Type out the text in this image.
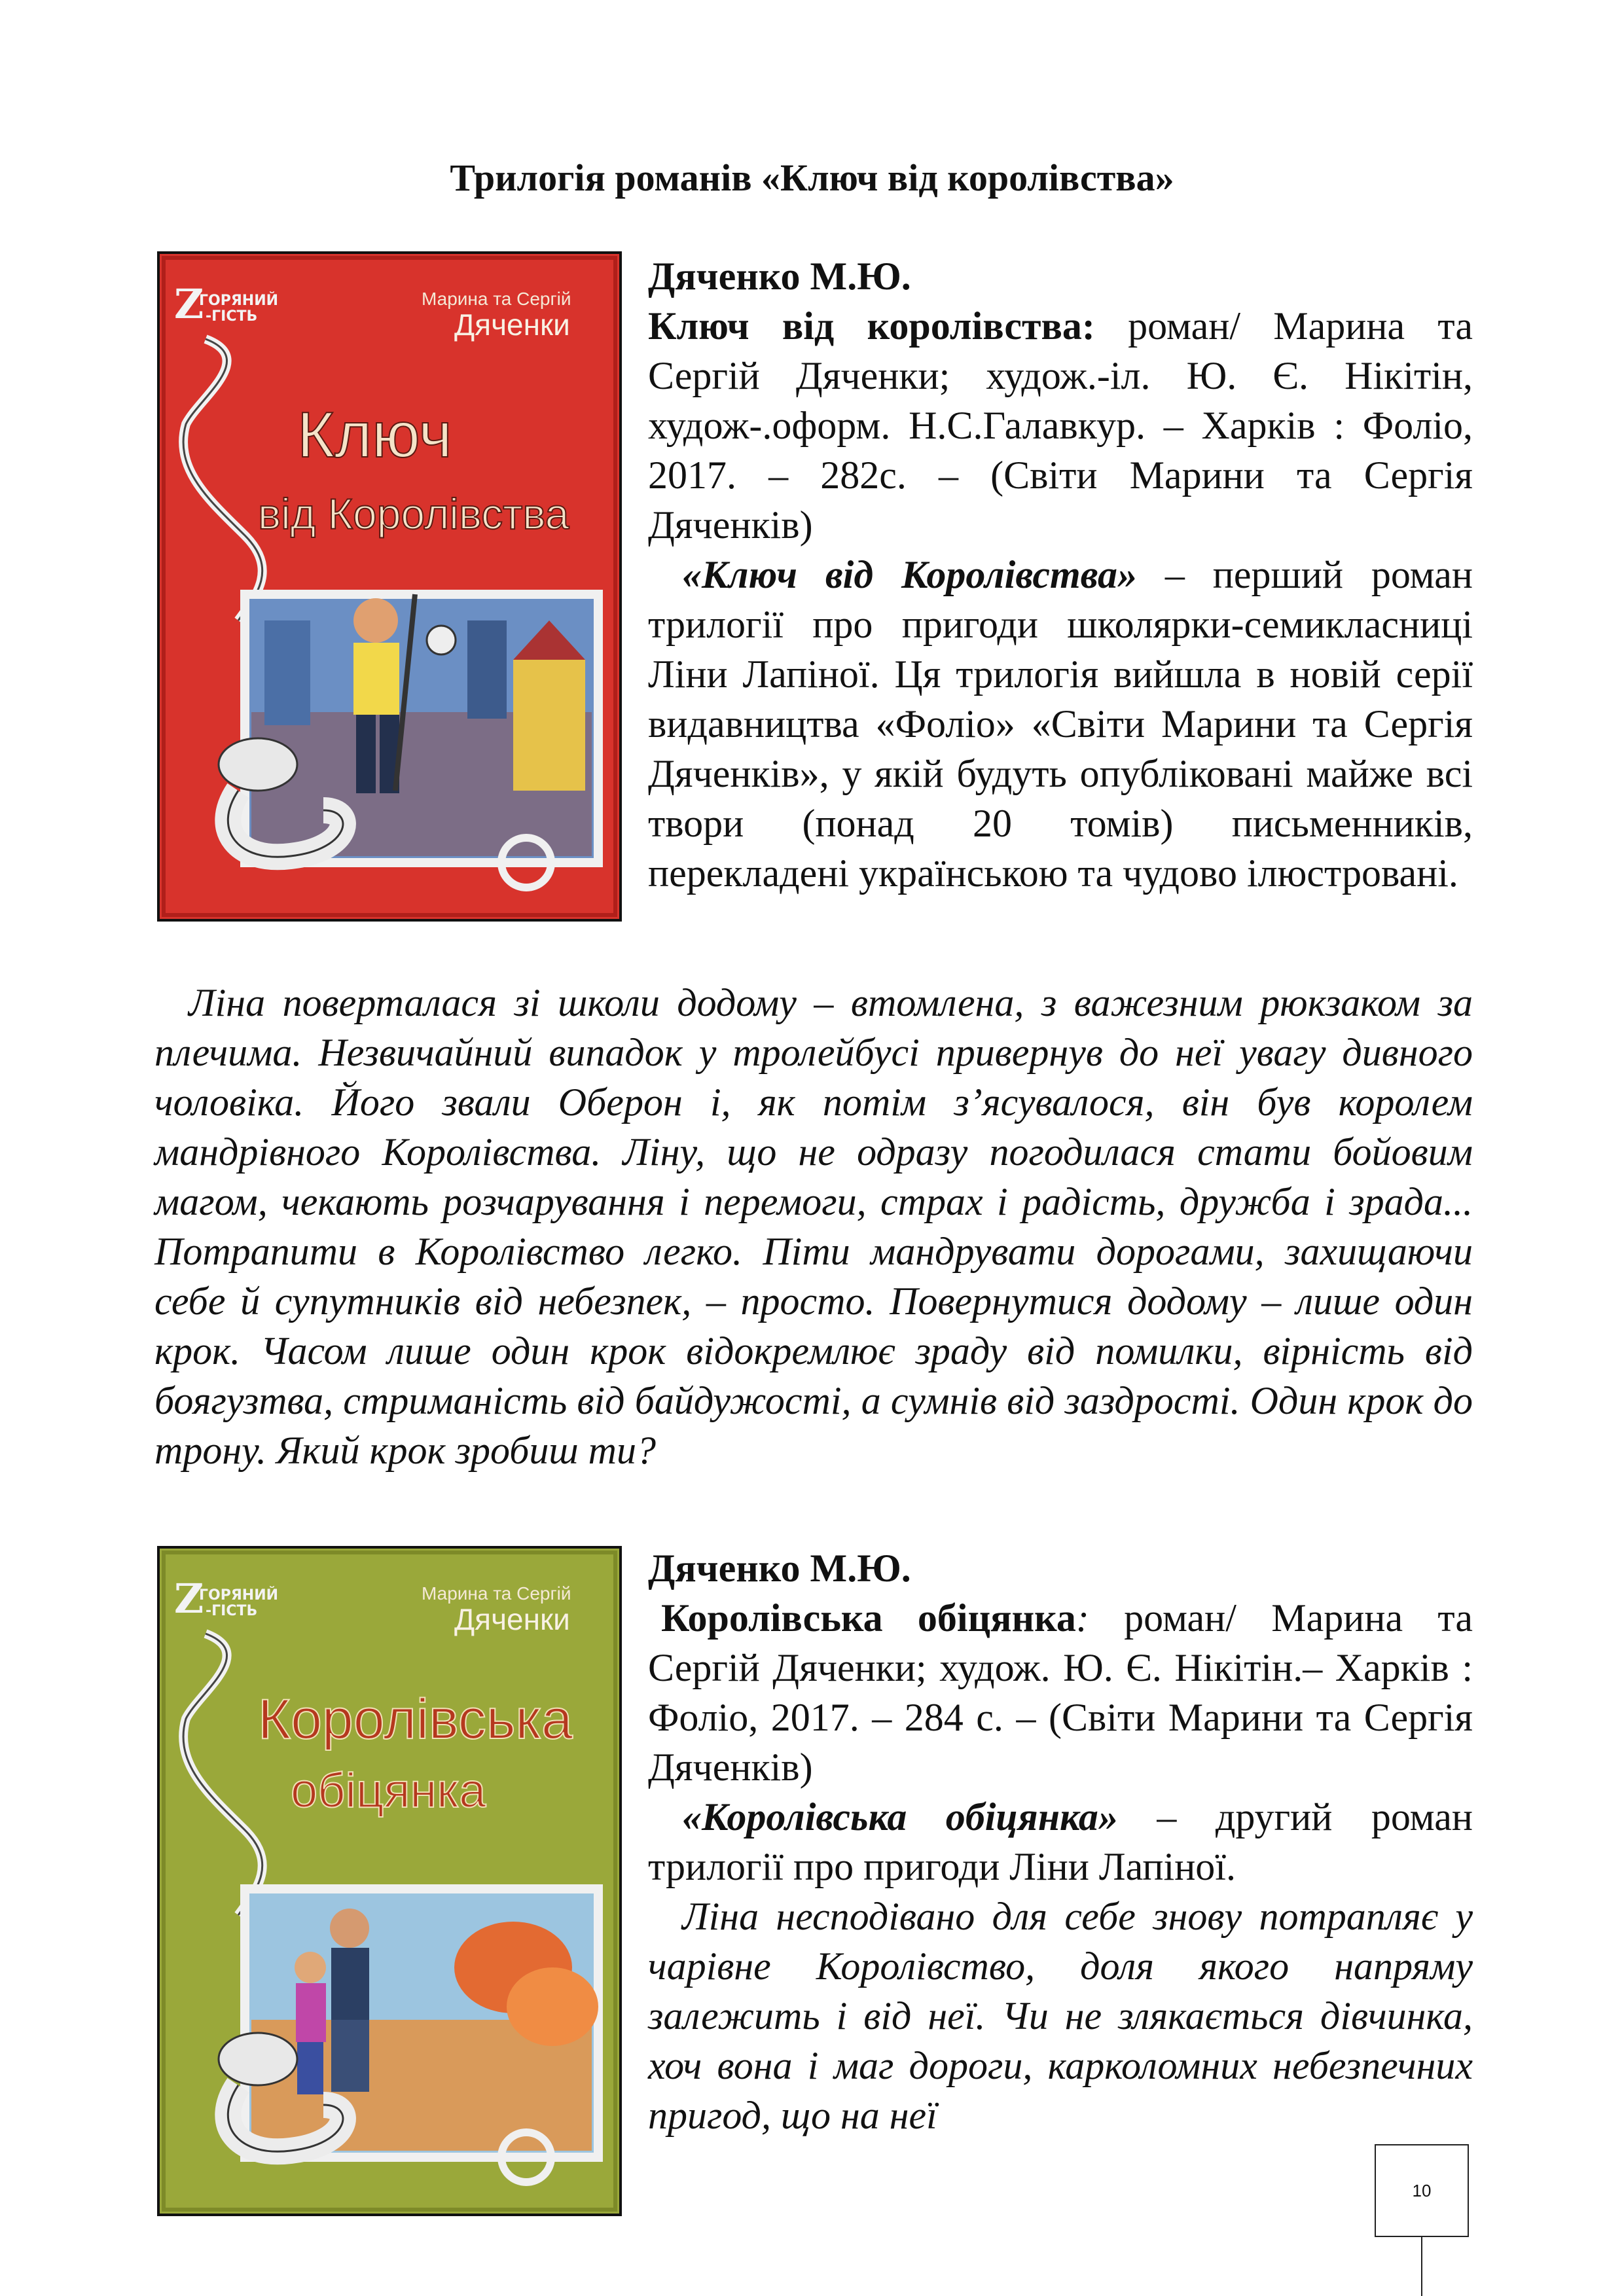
Трилогія романів «Ключ від королівства»
Z
ГОРЯНИЙ
-ГІСТЬ
Марина та Сергій
Дяченки
Ключ
від Королівства

Дяченко М.Ю.

Ключ від королівства: роман/ Марина та Сергій Дяченки; худож.-іл. Ю. Є. Нікітін, худож-.оформ. Н.С.Галавкур. – Харків : Фоліо, 2017. – 282с. – (Світи Марини та Сергія Дяченків)

«Ключ від Королівства» – перший роман трилогії про пригоди школярки-семикласниці Ліни Лапіної. Ця трилогія вийшла в новій серії видавництва «Фоліо» «Світи Марини та Сергія Дяченків», у якій будуть опубліковані майже всі твори (понад 20 томів) письменників, перекладені українською та чудово ілюстровані.

Ліна поверталася зі школи додому – втомлена, з важезним рюкзаком за плечима. Незвичайний випадок у тролейбусі привернув до неї увагу дивного чоловіка. Його звали Оберон і, як потім з’ясувалося, він був королем мандрівного Королівства. Ліну, що не одразу погодилася стати бойовим магом, чекають розчарування і перемоги, страх і радість, дружба і зрада... Потрапити в Королівство легко. Піти мандрувати дорогами, захищаючи себе й супутників від небезпек, – просто. Повернутися додому – лише один крок. Часом лише один крок відокремлює зраду від помилки, вірність від боягузтва, стриманість від байдужості, а сумнів від заздрості. Один крок до трону. Який крок зробиш ти?

Z
ГОРЯНИЙ
-ГІСТЬ
Марина та Сергій
Дяченки
Королівська
обіцянка

Дяченко М.Ю.

Королівська обіцянка: роман/ Марина та Сергій Дяченки; худож. Ю. Є. Нікітін.– Харків : Фоліо, 2017. – 284 с. – (Світи Марини та Сергія Дяченків)

«Королівська обіцянка» – другий роман трилогії про пригоди Ліни Лапіної.

Ліна несподівано для себе знову потрапляє у чарівне Королівство, доля якого напряму залежить і від неї. Чи не злякається дівчинка, хоч вона і маг дороги, карколомних небезпечних пригод, що на неї

10
